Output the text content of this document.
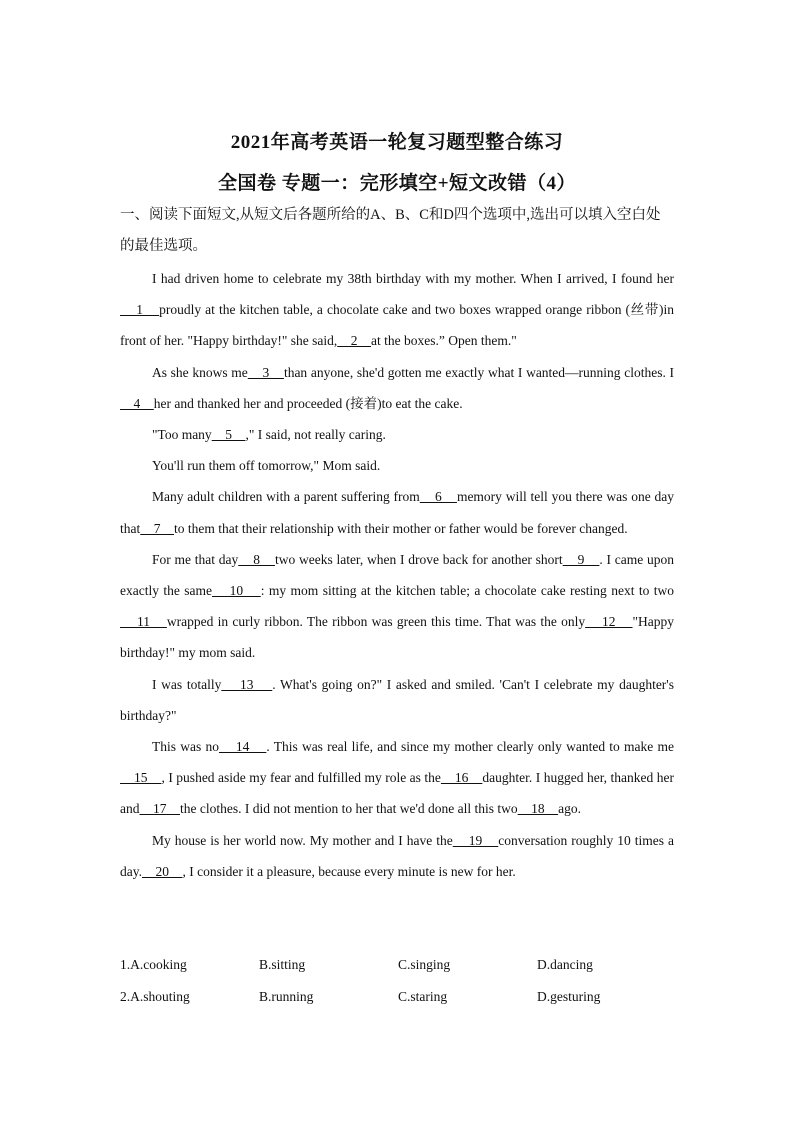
2021年高考英语一轮复习题型整合练习
全国卷 专题一：完形填空+短文改错（4）
一、阅读下面短文,从短文后各题所给的A、B、C和D四个选项中,选出可以填入空白处的最佳选项。

I had driven home to celebrate my 38th birthday with my mother. When I arrived, I found her    1    proudly at the kitchen table, a chocolate cake and two boxes wrapped orange ribbon (丝带)in front of her. "Happy birthday!" she said,    2    at the boxes.” Open them."

As she knows me    3    than anyone, she'd gotten me exactly what I wanted—running clothes. I    4    her and thanked her and proceeded (接着)to eat the cake.

"Too many    5    ," I said, not really caring.

You'll run them off tomorrow," Mom said.

Many adult children with a parent suffering from    6    memory will tell you there was one day that    7    to them that their relationship with their mother or father would be forever changed.

For me that day    8    two weeks later, when I drove back for another short    9    . I came upon exactly the same    10    : my mom sitting at the kitchen table; a chocolate cake resting next to two    11    wrapped in curly ribbon. The ribbon was green this time. That was the only    12    "Happy birthday!" my mom said.

I was totally    13    . What's going on?" I asked and smiled. 'Can't I celebrate my daughter's birthday?"

This was no    14    . This was real life, and since my mother clearly only wanted to make me    15    , I pushed aside my fear and fulfilled my role as the    16    daughter. I hugged her, thanked her and    17    the clothes. I did not mention to her that we'd done all this two    18    ago.

My house is her world now. My mother and I have the    19    conversation roughly 10 times a day.    20    , I consider it a pleasure, because every minute is new for her.

1.A.cooking	B.sitting	C.singing	D.dancing
2.A.shouting	B.running	C.staring	D.gesturing
